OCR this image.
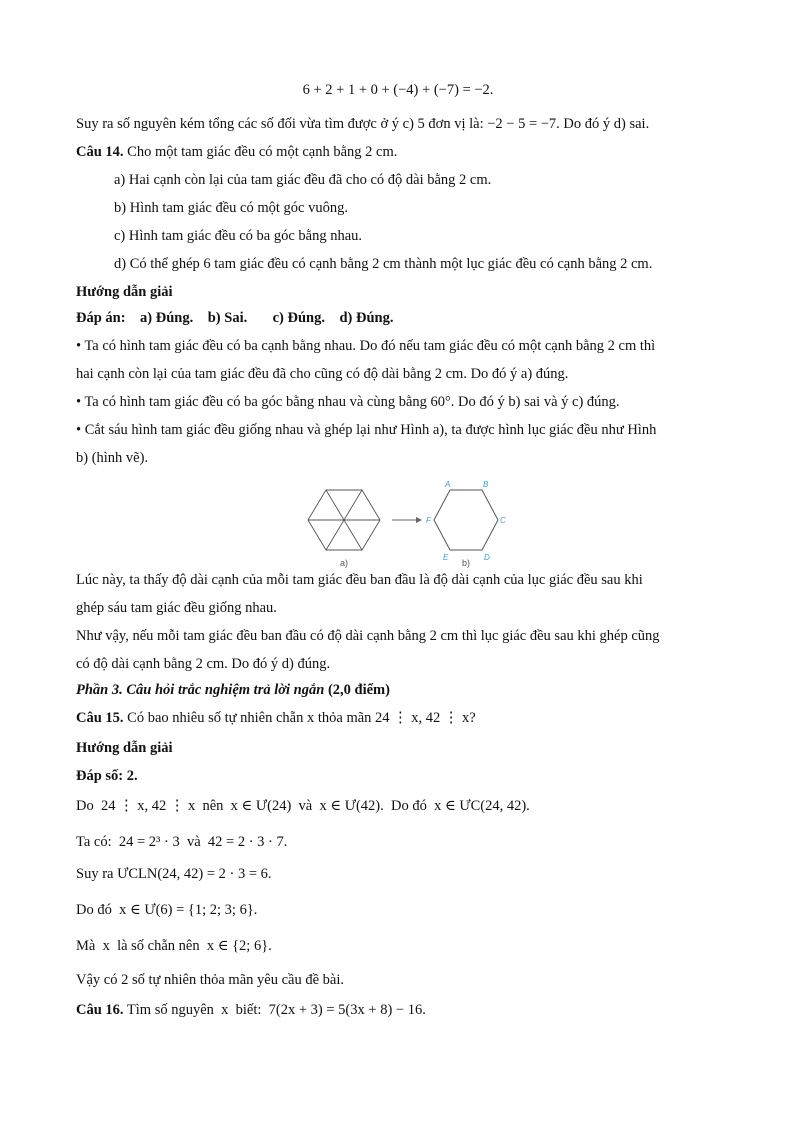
6 + 2 + 1 + 0 + (−4) + (−7) = −2.
Suy ra số nguyên kém tổng các số đối vừa tìm được ở ý c) 5 đơn vị là: −2 − 5 = −7. Do đó ý d) sai.
Câu 14. Cho một tam giác đều có một cạnh bằng 2 cm.
a) Hai cạnh còn lại của tam giác đều đã cho có độ dài bằng 2 cm.
b) Hình tam giác đều có một góc vuông.
c) Hình tam giác đều có ba góc bằng nhau.
d) Có thể ghép 6 tam giác đều có cạnh bằng 2 cm thành một lục giác đều có cạnh bằng 2 cm.
Hướng dẫn giải
Đáp án:    a) Đúng.    b) Sai.       c) Đúng.    d) Đúng.
• Ta có hình tam giác đều có ba cạnh bằng nhau. Do đó nếu tam giác đều có một cạnh bằng 2 cm thì
hai cạnh còn lại của tam giác đều đã cho cũng có độ dài bằng 2 cm. Do đó ý a) đúng.
• Ta có hình tam giác đều có ba góc bằng nhau và cùng bằng 60°. Do đó ý b) sai và ý c) đúng.
• Cắt sáu hình tam giác đều giống nhau và ghép lại như Hình a), ta được hình lục giác đều như Hình
b) (hình vẽ).
Lúc này, ta thấy độ dài cạnh của mỗi tam giác đều ban đầu là độ dài cạnh của lục giác đều sau khi
ghép sáu tam giác đều giống nhau.
Như vậy, nếu mỗi tam giác đều ban đầu có độ dài cạnh bằng 2 cm thì lục giác đều sau khi ghép cũng
có độ dài cạnh bằng 2 cm. Do đó ý d) đúng.
Phần 3. Câu hỏi trắc nghiệm trả lời ngắn (2,0 điểm)
Câu 15. Có bao nhiêu số tự nhiên chẵn x thỏa mãn 24 ⋮ x, 42 ⋮ x?
Hướng dẫn giải
Đáp số: 2.
Do  24 ⋮ x, 42 ⋮ x  nên  x ∈ Ư(24)  và  x ∈ Ư(42).  Do đó  x ∈ ƯC(24, 42).
Ta có:  24 = 2³ · 3  và  42 = 2 · 3 · 7.
Suy ra ƯCLN(24, 42) = 2 · 3 = 6.
Do đó  x ∈ Ư(6) = {1; 2; 3; 6}.
Mà  x  là số chẵn nên  x ∈ {2; 6}.
Vậy có 2 số tự nhiên thỏa mãn yêu cầu đề bài.
Câu 16. Tìm số nguyên  x  biết:  7(2x + 3) = 5(3x + 8) − 16.
a)
A	B
C
D
E
F
b)
